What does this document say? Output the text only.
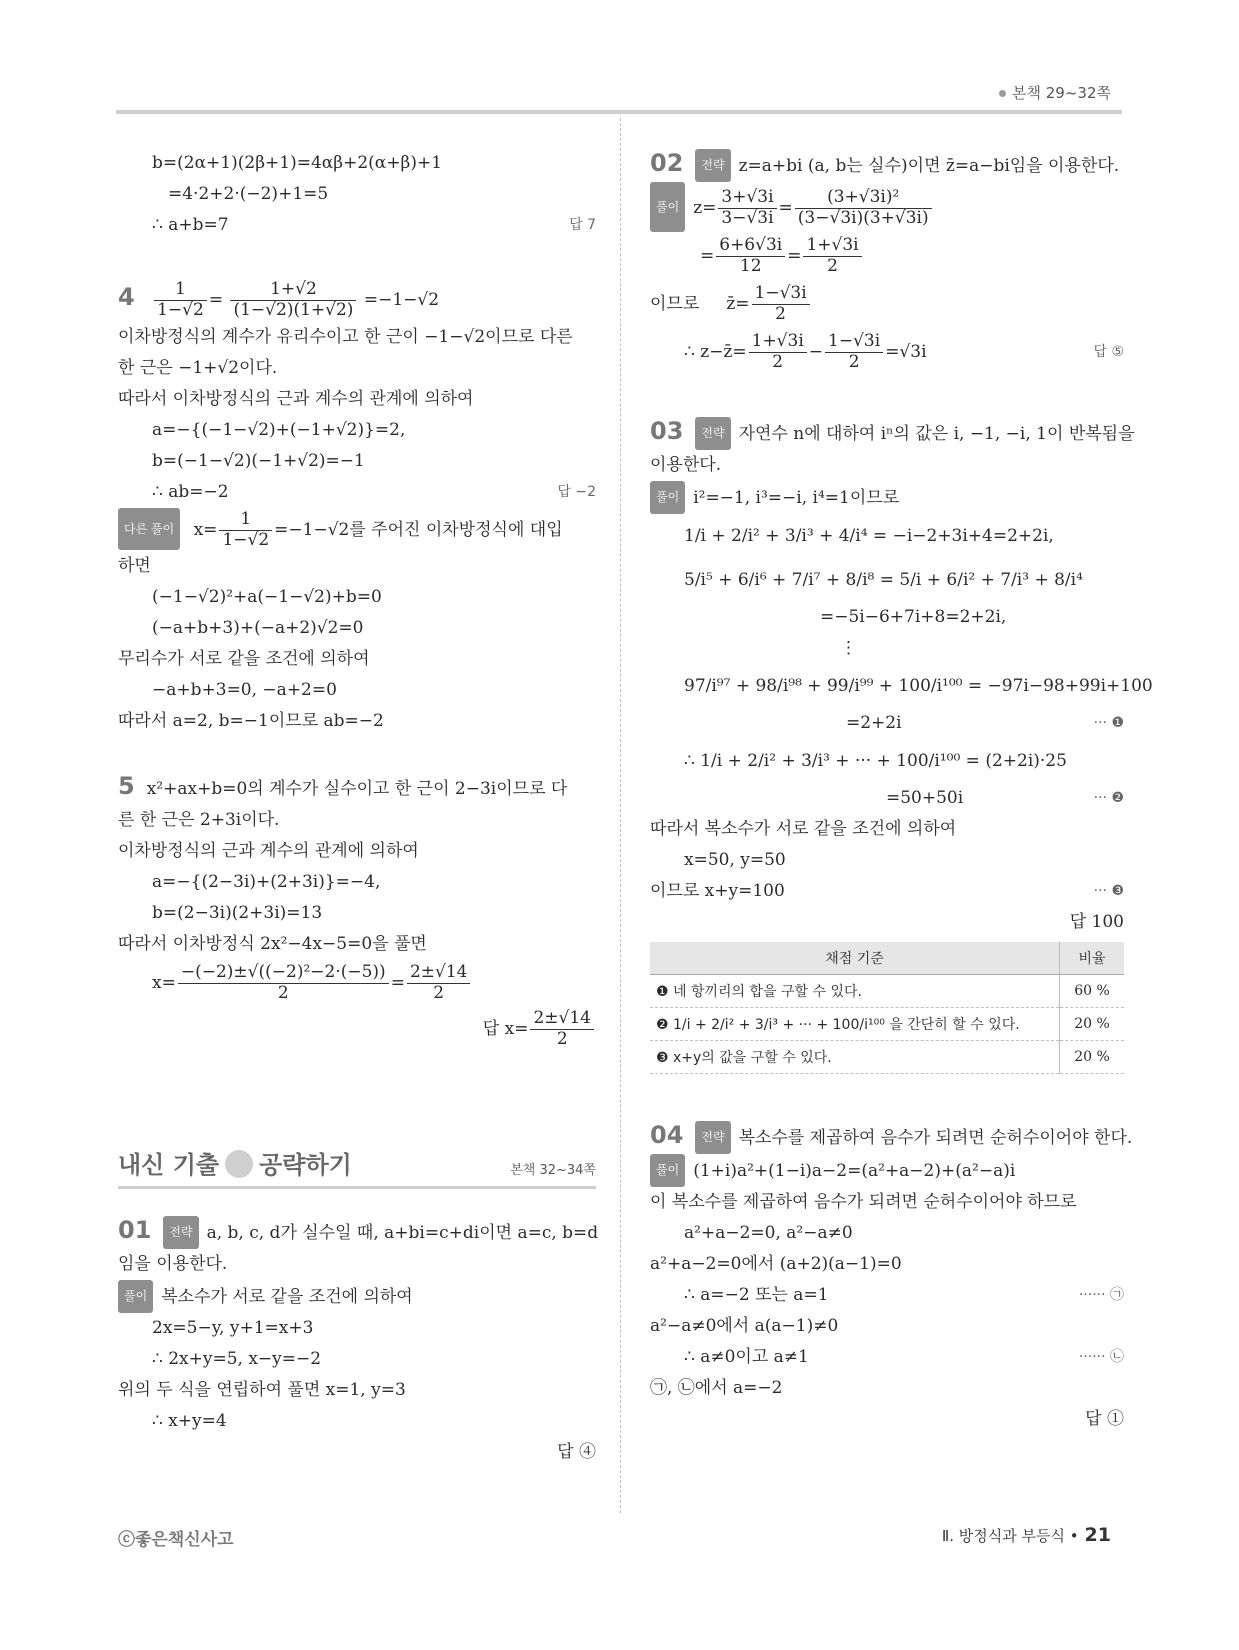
본책 29~32쪽
b=(2α+1)(2β+1)=4αβ+2(α+β)+1
=4·2+2·(−2)+1=5
∴ a+b=7	답 7
$4 \frac{1}{1-√2} = \frac{1+√2}{(1-√2)(1+√2)} =-1-√2$
이차방정식의 계수가 유리수이고 한 근이 −1−√2이므로 다른
한 근은 −1+√2이다.
따라서 이차방정식의 근과 계수의 관계에 의하여
a=−{(−1−√2)+(−1+√2)}=2,
b=(−1−√2)(−1+√2)=−1
∴ ab=−2	답 −2
다른 풀이 $x= \frac{1}{1-√2} =-1-√2$를 주어진 이차방정식에 대입
하면
(−1−√2)²+a(−1−√2)+b=0
(−a+b+3)+(−a+2)√2=0
무리수가 서로 같을 조건에 의하여
−a+b+3=0, −a+2=0
따라서 a=2, b=−1이므로 ab=−2
5 x²+ax+b=0의 계수가 실수이고 한 근이 2−3i이므로 다
른 한 근은 2+3i이다.
이차방정식의 근과 계수의 관계에 의하여
a=−{(2−3i)+(2+3i)}=−4,
b=(2−3i)(2+3i)=13
따라서 이차방정식 2x²−4x−5=0을 풀면
$x= \frac{\text{−(−2)±√((−2)²−2·(−5))}}{2} = \frac{2\pm√14}{2}$
답 $x= \frac{2\pm√14}{2}$
내신 기출 공략하기	본책 32~34쪽
01 전략 a, b, c, d가 실수일 때, a+bi=c+di이면 a=c, b=d
임을 이용한다.
풀이 복소수가 서로 같을 조건에 의하여
2x=5−y, y+1=x+3
∴ 2x+y=5, x−y=−2
위의 두 식을 연립하여 풀면 x=1, y=3
∴ x+y=4
답 ④
02 전략 z=a+bi (a, b는 실수)이면 z̄=a−bi임을 이용한다.
풀이 $z= \frac{3+√3i}{3-√3i} = \frac{\text{(3+√3i)²}}{(3-√3i)(3+√3i)}$
= $\frac{6+6√3i}{12} = \frac{1+√3i}{2}$
이므로 z̄= $\frac{1-√3i}{2}$
∴ z−z̄= $\frac{1+√3i}{2} - \frac{1-√3i}{2} =√3i$	답 ⑤
03 전략 자연수 n에 대하여 iⁿ의 값은 i, −1, −i, 1이 반복됨을
이용한다.
풀이 i²=−1, i³=−i, i⁴=1이므로
1/i + 2/i² + 3/i³ + 4/i⁴ = −i−2+3i+4=2+2i,
5/i⁵ + 6/i⁶ + 7/i⁷ + 8/i⁸ = 5/i + 6/i² + 7/i³ + 8/i⁴
=−5i−6+7i+8=2+2i,
⋮
97/i⁹⁷ + 98/i⁹⁸ + 99/i⁹⁹ + 100/i¹⁰⁰ = −97i−98+99i+100
=2+2i	··· ❶
∴ 1/i + 2/i² + 3/i³ + ··· + 100/i¹⁰⁰ = (2+2i)·25
=50+50i	··· ❷
따라서 복소수가 서로 같을 조건에 의하여
x=50, y=50
이므로 x+y=100	··· ❸
답 100
채점 기준	비율
❶ 네 항끼리의 합을 구할 수 있다.	60 %
❷ 1/i + 2/i² + 3/i³ + ··· + 100/i¹⁰⁰ 을 간단히 할 수 있다.	20 %
❸ x+y의 값을 구할 수 있다.	20 %
04 전략 복소수를 제곱하여 음수가 되려면 순허수이어야 한다.
풀이 (1+i)a²+(1−i)a−2=(a²+a−2)+(a²−a)i
이 복소수를 제곱하여 음수가 되려면 순허수이어야 하므로
a²+a−2=0, a²−a≠0
a²+a−2=0에서 (a+2)(a−1)=0
∴ a=−2 또는 a=1	······ ㉠
a²−a≠0에서 a(a−1)≠0
∴ a≠0이고 a≠1	······ ㉡
㉠, ㉡에서 a=−2
답 ①
ⓒ좋은책신사고	Ⅱ. 방정식과 부등식 • 21
